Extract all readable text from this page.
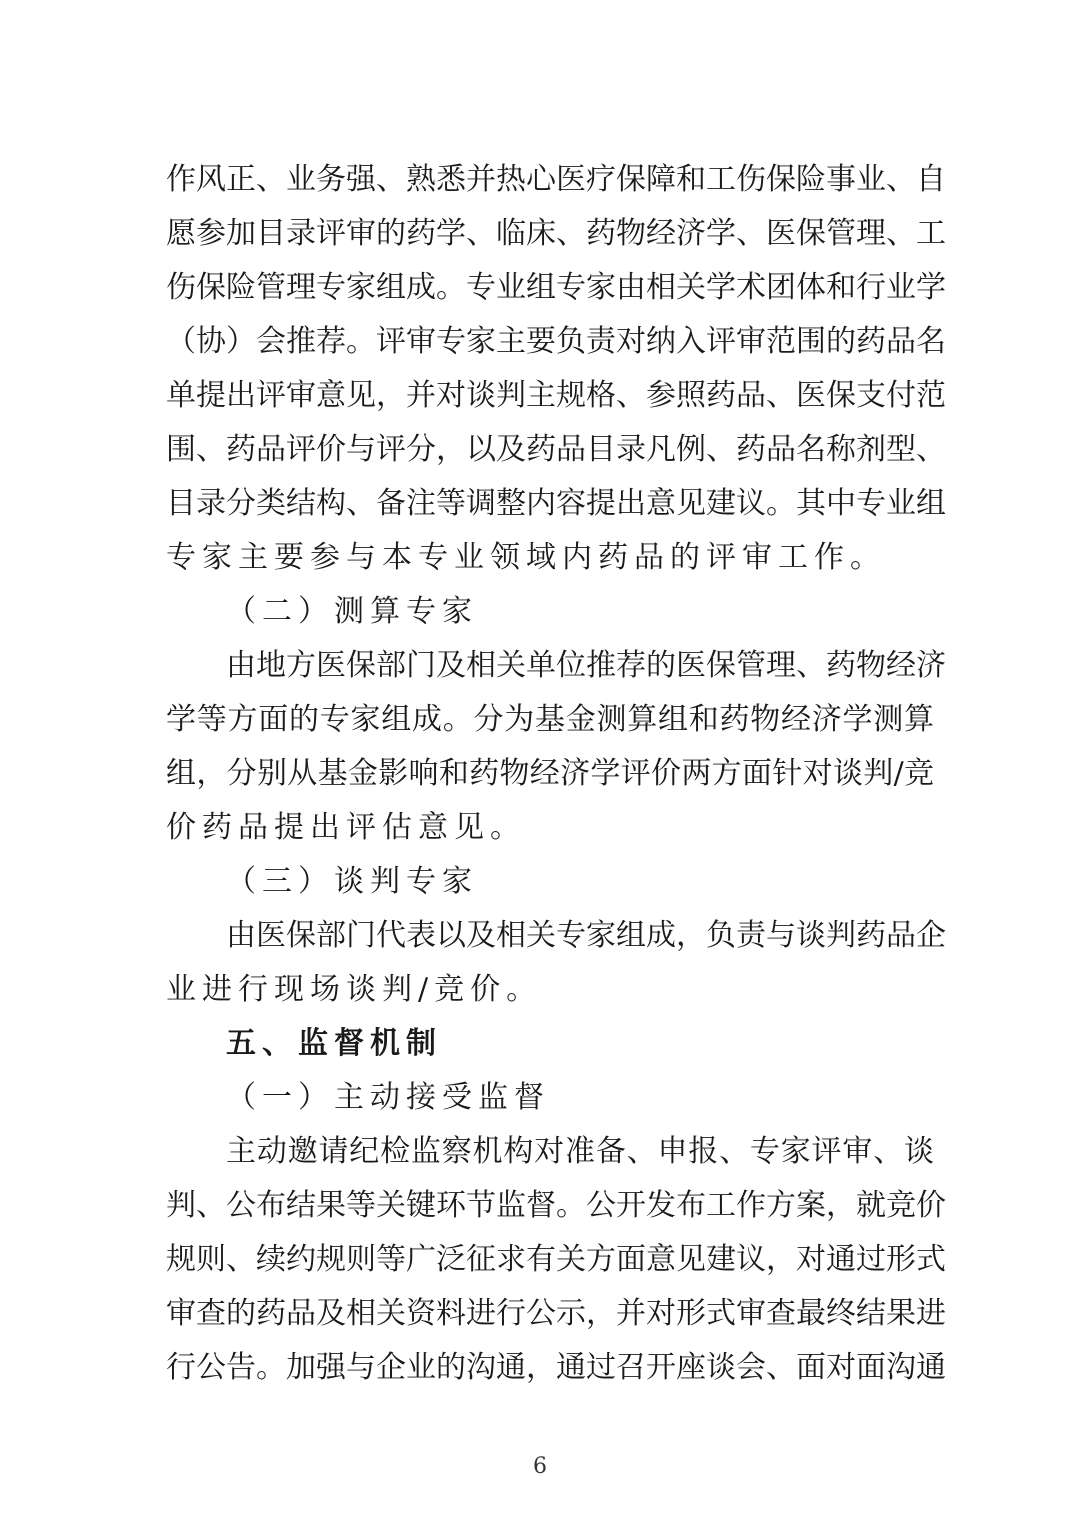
作风正、业务强、熟悉并热心医疗保障和工伤保险事业、自
愿参加目录评审的药学、临床、药物经济学、医保管理、工
伤保险管理专家组成。专业组专家由相关学术团体和行业学
（协）会推荐。评审专家主要负责对纳入评审范围的药品名
单提出评审意见，并对谈判主规格、参照药品、医保支付范
围、药品评价与评分，以及药品目录凡例、药品名称剂型、
目录分类结构、备注等调整内容提出意见建议。其中专业组
专家主要参与本专业领域内药品的评审工作。
（二）测算专家
由地方医保部门及相关单位推荐的医保管理、药物经济
学等方面的专家组成。分为基金测算组和药物经济学测算
组，分别从基金影响和药物经济学评价两方面针对谈判/竞
价药品提出评估意见。
（三）谈判专家
由医保部门代表以及相关专家组成，负责与谈判药品企
业进行现场谈判/竞价。
五、监督机制
（一）主动接受监督
主动邀请纪检监察机构对准备、申报、专家评审、谈
判、公布结果等关键环节监督。公开发布工作方案，就竞价
规则、续约规则等广泛征求有关方面意见建议，对通过形式
审查的药品及相关资料进行公示，并对形式审查最终结果进
行公告。加强与企业的沟通，通过召开座谈会、面对面沟通
6
